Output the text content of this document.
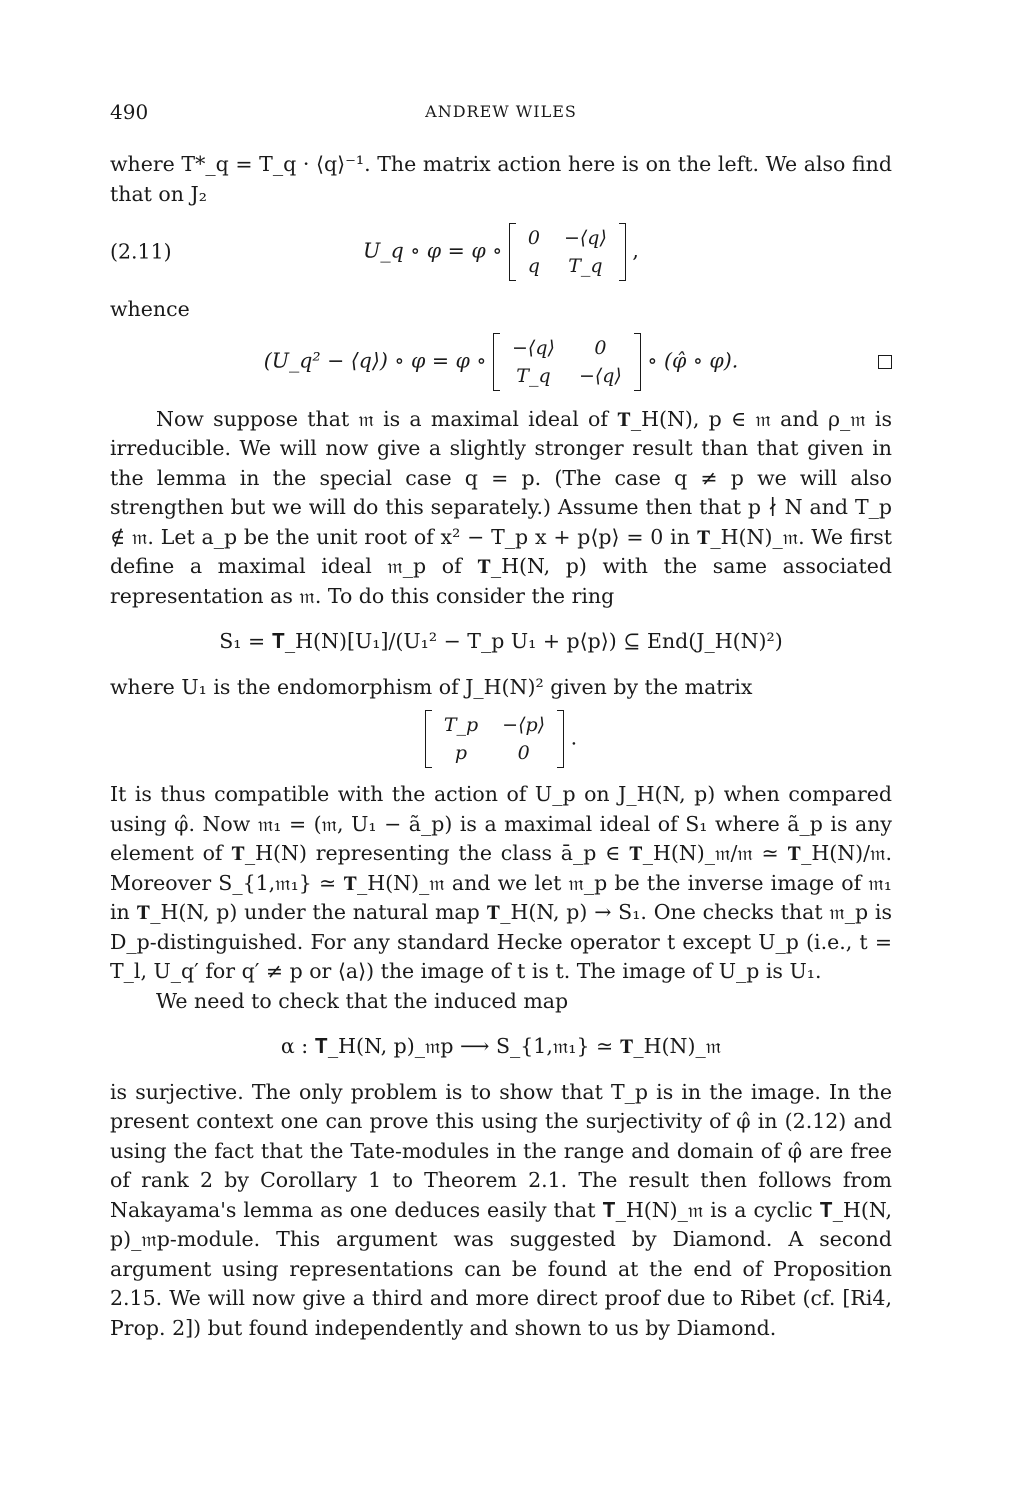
490	ANDREW WILES

where T*_q = T_q · ⟨q⟩⁻¹. The matrix action here is on the left. We also find that on J₂

(2.11)	U_q ∘ φ = φ ∘ 0	−⟨q⟩
q	T_q ,

whence

(U_q² − ⟨q⟩) ∘ φ = φ ∘ −⟨q⟩	0
T_q	−⟨q⟩ ∘ (φ̂ ∘ φ).

Now suppose that 𝔪 is a maximal ideal of 𝐓_H(N), p ∈ 𝔪 and ρ_𝔪 is irreducible. We will now give a slightly stronger result than that given in the lemma in the special case q = p. (The case q ≠ p we will also strengthen but we will do this separately.) Assume then that p ∤ N and T_p ∉ 𝔪. Let a_p be the unit root of x² − T_p x + p⟨p⟩ = 0 in 𝐓_H(N)_𝔪. We first define a maximal ideal 𝔪_p of 𝐓_H(N, p) with the same associated representation as 𝔪. To do this consider the ring

S₁ = 𝐓_H(N)[U₁]/(U₁² − T_p U₁ + p⟨p⟩) ⊆ End(J_H(N)²)

where U₁ is the endomorphism of J_H(N)² given by the matrix

T_p	−⟨p⟩
p	0 .

It is thus compatible with the action of U_p on J_H(N, p) when compared using φ̂. Now 𝔪₁ = (𝔪, U₁ − ã_p) is a maximal ideal of S₁ where ã_p is any element of 𝐓_H(N) representing the class ā_p ∈ 𝐓_H(N)_𝔪/𝔪 ≃ 𝐓_H(N)/𝔪. Moreover S_{1,𝔪₁} ≃ 𝐓_H(N)_𝔪 and we let 𝔪_p be the inverse image of 𝔪₁ in 𝐓_H(N, p) under the natural map 𝐓_H(N, p) → S₁. One checks that 𝔪_p is D_p-distinguished. For any standard Hecke operator t except U_p (i.e., t = T_l, U_q′ for q′ ≠ p or ⟨a⟩) the image of t is t. The image of U_p is U₁.

We need to check that the induced map

α : 𝐓_H(N, p)_𝔪p ⟶ S_{1,𝔪₁} ≃ 𝐓_H(N)_𝔪

is surjective. The only problem is to show that T_p is in the image. In the present context one can prove this using the surjectivity of φ̂ in (2.12) and using the fact that the Tate-modules in the range and domain of φ̂ are free of rank 2 by Corollary 1 to Theorem 2.1. The result then follows from Nakayama's lemma as one deduces easily that 𝐓_H(N)_𝔪 is a cyclic 𝐓_H(N, p)_𝔪p-module. This argument was suggested by Diamond. A second argument using representations can be found at the end of Proposition 2.15. We will now give a third and more direct proof due to Ribet (cf. [Ri4, Prop. 2]) but found independently and shown to us by Diamond.
